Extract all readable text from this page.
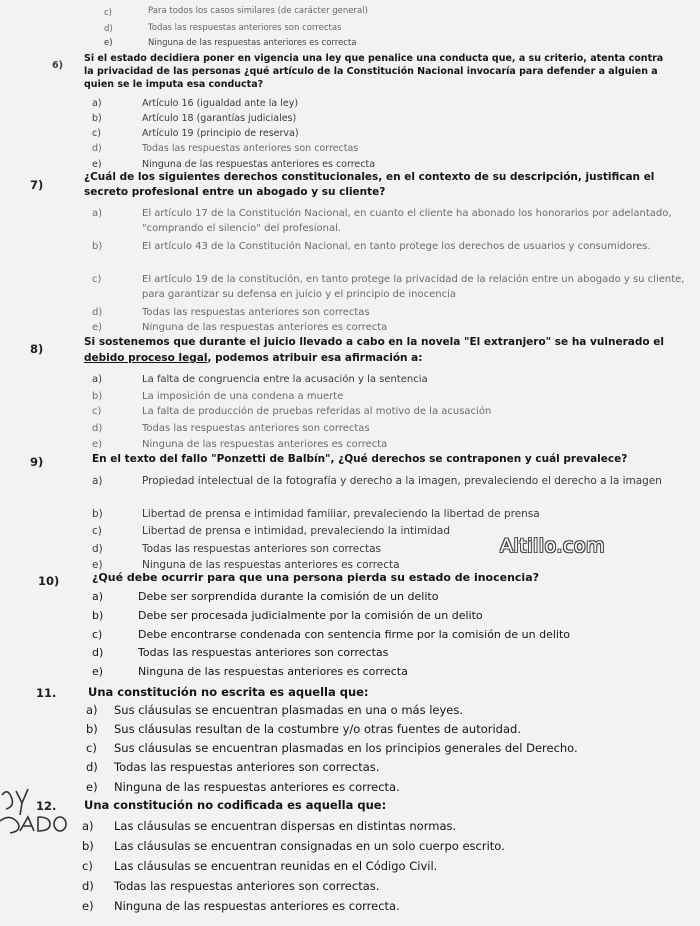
c)	Para todos los casos similares (de carácter general)
d)	Todas las respuestas anteriores son correctas
e)	Ninguna de las respuestas anteriores es correcta
6)
Si el estado decidiera poner en vigencia una ley que penalice una conducta que, a su criterio, atenta contra la privacidad de las personas ¿qué artículo de la Constitución Nacional invocaría para defender a alguien a quien se le imputa esa conducta?
a)	Artículo 16 (igualdad ante la ley)
b)	Artículo 18 (garantías judiciales)
c)	Artículo 19 (principio de reserva)
d)	Todas las respuestas anteriores son correctas
e)	Ninguna de las respuestas anteriores es correcta
7)
¿Cuál de los siguientes derechos constitucionales, en el contexto de su descripción, justifican el secreto profesional entre un abogado y su cliente?
a)	El artículo 17 de la Constitución Nacional, en cuanto el cliente ha abonado los honorarios por adelantado, "comprando el silencio" del profesional.
b)	El artículo 43 de la Constitución Nacional, en tanto protege los derechos de usuarios y consumidores.
c)	El artículo 19 de la constitución, en tanto protege la privacidad de la relación entre un abogado y su cliente, para garantizar su defensa en juicio y el principio de inocencia
d)	Todas las respuestas anteriores son correctas
e)	Ninguna de las respuestas anteriores es correcta
8)	Si sostenemos que durante el juicio llevado a cabo en la novela "El extranjero" se ha vulnerado el debido proceso legal, podemos atribuir esa afirmación a:
a)	La falta de congruencia entre la acusación y la sentencia
b)	La imposición de una condena a muerte
c)	La falta de producción de pruebas referidas al motivo de la acusación
d)	Todas las respuestas anteriores son correctas
e)	Ninguna de las respuestas anteriores es correcta
9)	En el texto del fallo "Ponzetti de Balbín", ¿Qué derechos se contraponen y cuál prevalece?
a)	Propiedad intelectual de la fotografía y derecho a la imagen, prevaleciendo el derecho a la imagen
b)	Libertad de prensa e intimidad familiar, prevaleciendo la libertad de prensa
c)	Libertad de prensa e intimidad, prevaleciendo la intimidad
d)	Todas las respuestas anteriores son correctas
e)	Ninguna de las respuestas anteriores es correcta
Altillo.com
10)	¿Qué debe ocurrir para que una persona pierda su estado de inocencia?
a)	Debe ser sorprendida durante la comisión de un delito
b)	Debe ser procesada judicialmente por la comisión de un delito
c)	Debe encontrarse condenada con sentencia firme por la comisión de un delito
d)	Todas las respuestas anteriores son correctas
e)	Ninguna de las respuestas anteriores es correcta
11.	Una constitución no escrita es aquella que:
a) Sus cláusulas se encuentran plasmadas en una o más leyes.
b) Sus cláusulas resultan de la costumbre y/o otras fuentes de autoridad.
c) Sus cláusulas se encuentran plasmadas en los principios generales del Derecho.
d) Todas las respuestas anteriores son correctas.
e) Ninguna de las respuestas anteriores es correcta.
12. Una constitución no codificada es aquella que:
a) Las cláusulas se encuentran dispersas en distintas normas.
b) Las cláusulas se encuentran consignadas en un solo cuerpo escrito.
c) Las cláusulas se encuentran reunidas en el Código Civil.
d) Todas las respuestas anteriores son correctas.
e) Ninguna de las respuestas anteriores es correcta.
